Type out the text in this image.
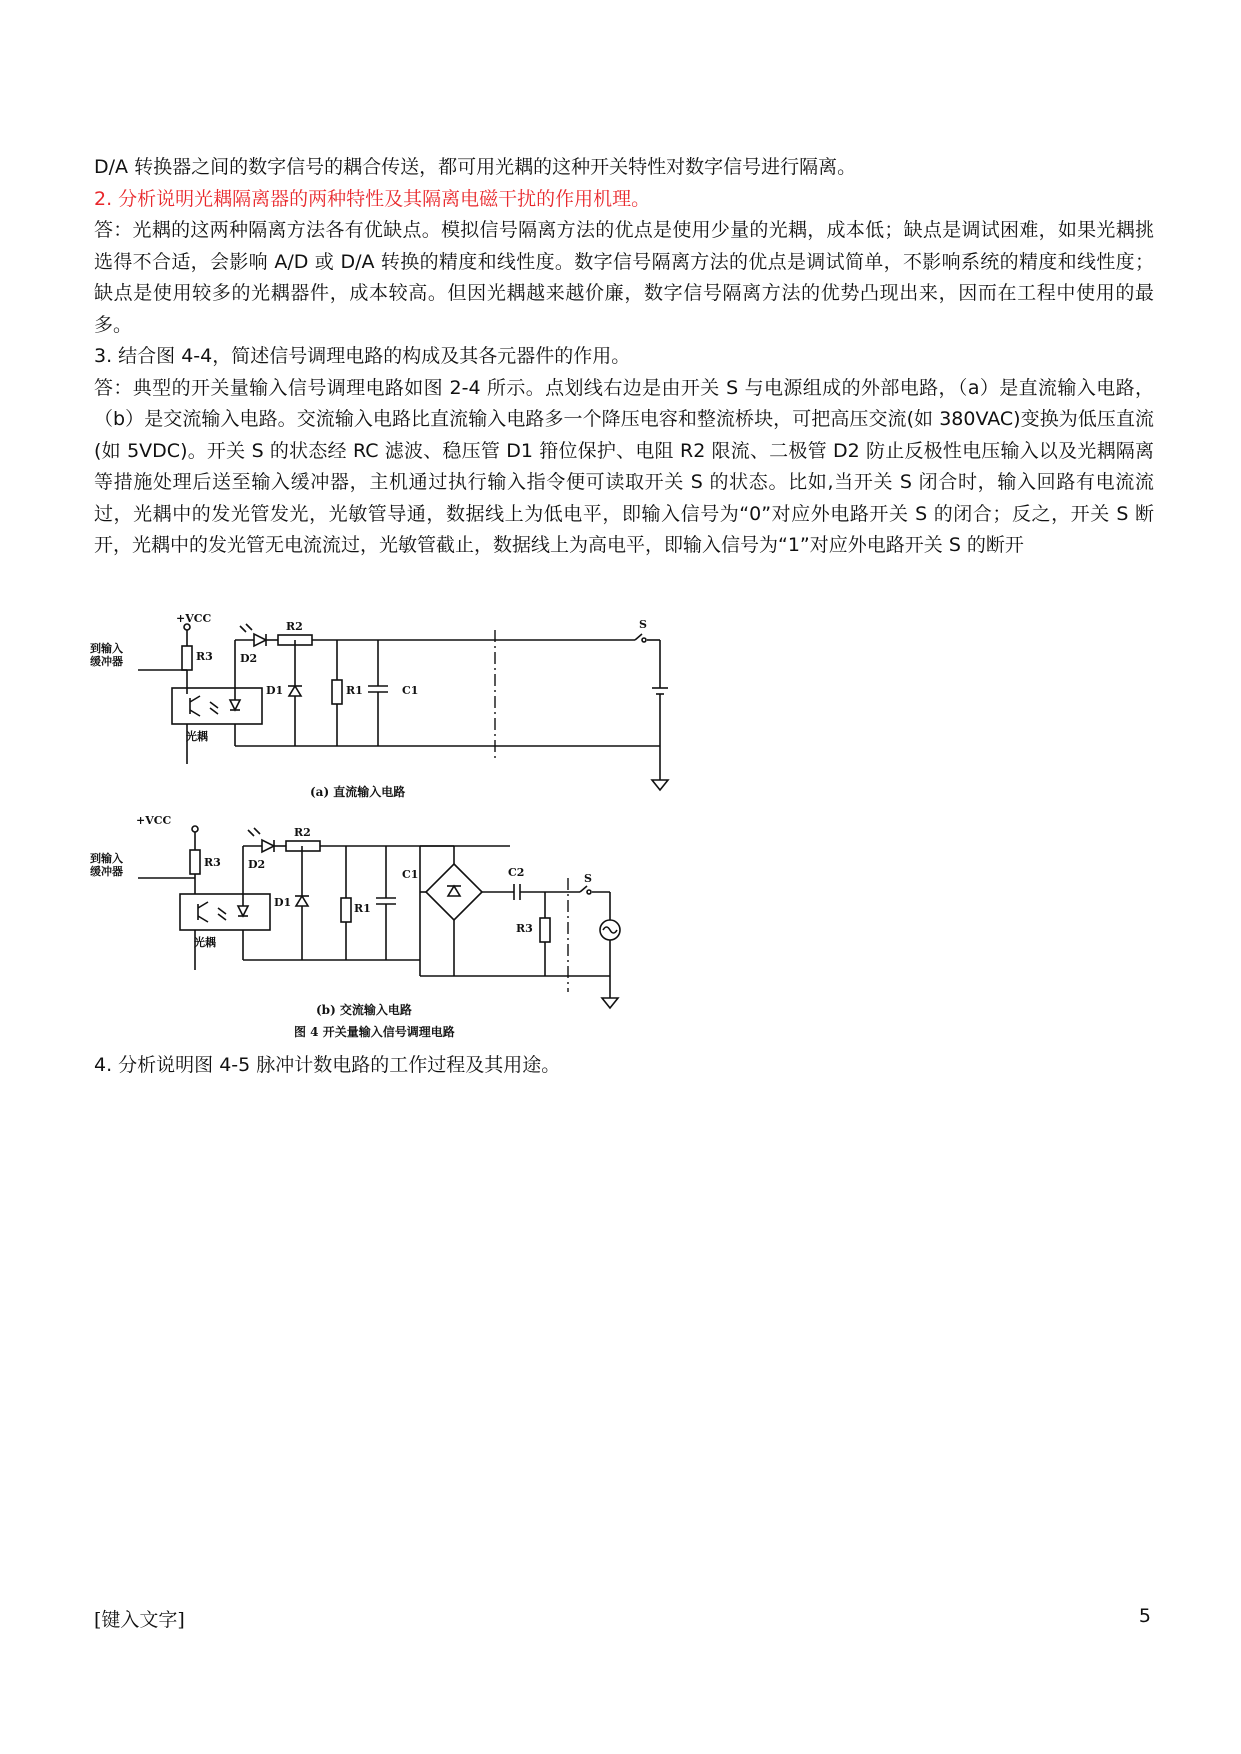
D/A 转换器之间的数字信号的耦合传送，都可用光耦的这种开关特性对数字信号进行隔离。

2. 分析说明光耦隔离器的两种特性及其隔离电磁干扰的作用机理。

答：光耦的这两种隔离方法各有优缺点。模拟信号隔离方法的优点是使用少量的光耦，成本低；缺点是调试困难，如果光耦挑选得不合适，会影响 A/D 或 D/A 转换的精度和线性度。数字信号隔离方法的优点是调试简单，不影响系统的精度和线性度；缺点是使用较多的光耦器件，成本较高。但因光耦越来越价廉，数字信号隔离方法的优势凸现出来，因而在工程中使用的最多。

3. 结合图 4-4，简述信号调理电路的构成及其各元器件的作用。

答：典型的开关量输入信号调理电路如图 2-4 所示。点划线右边是由开关 S 与电源组成的外部电路，（a）是直流输入电路，（b）是交流输入电路。交流输入电路比直流输入电路多一个降压电容和整流桥块，可把高压交流(如 380VAC)变换为低压直流(如 5VDC)。开关 S 的状态经 RC 滤波、稳压管 D1 箝位保护、电阻 R2 限流、二极管 D2 防止反极性电压输入以及光耦隔离等措施处理后送至输入缓冲器，主机通过执行输入指令便可读取开关 S 的状态。比如,当开关 S 闭合时，输入回路有电流流过，光耦中的发光管发光，光敏管导通，数据线上为低电平，即输入信号为“0”对应外电路开关 S 的闭合；反之，开关 S 断开，光耦中的发光管无电流流过，光敏管截止，数据线上为高电平，即输入信号为“1”对应外电路开关 S 的断开

+VCC
到输入
缓冲器	R3 D2
R2
D1	R1	C1
S
光耦
(a) 直流输入电路
+VCC
到输入
缓冲器
R3 D2
R2
D1	R1
C1	C2
R3
S
光耦
(b) 交流输入电路
图 4 开关量输入信号调理电路

4. 分析说明图 4-5 脉冲计数电路的工作过程及其用途。

[键入文字]	5
